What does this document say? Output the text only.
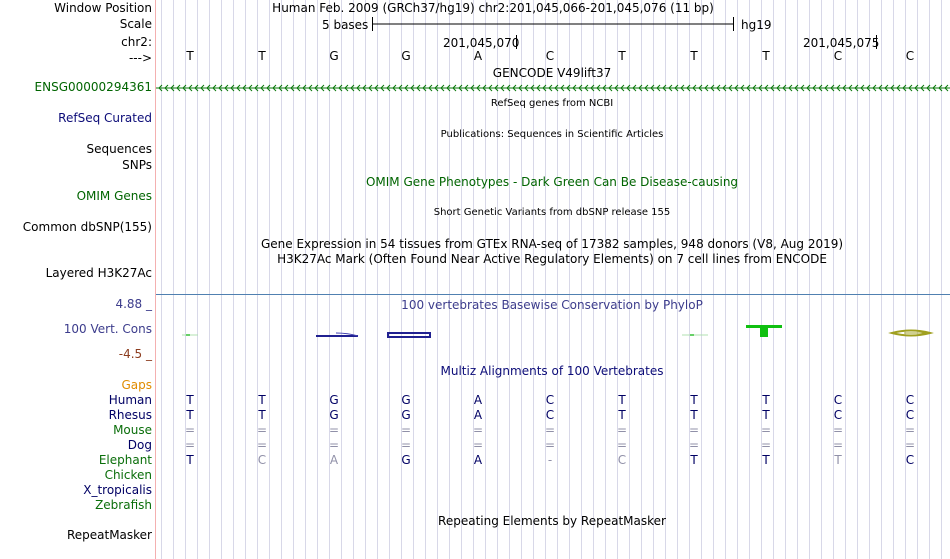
Window Position
Scale
chr2:
--->
ENSG00000294361
RefSeq Curated
Sequences
SNPs
OMIM Genes
Common dbSNP(155)
Layered H3K27Ac
4.88 _
100 Vert. Cons
-4.5 _
Gaps
Human
Rhesus
Mouse
Dog
Elephant
Chicken
X_tropicalis
Zebrafish
RepeatMasker
Human Feb. 2009 (GRCh37/hg19) chr2:201,045,066-201,045,076 (11 bp)
5 bases	hg19
201,045,070	201,045,075
T	T	G	G	A	C	T	T	T	C	C
GENCODE V49lift37
RefSeq genes from NCBI
Publications: Sequences in Scientific Articles
OMIM Gene Phenotypes - Dark Green Can Be Disease-causing
Short Genetic Variants from dbSNP release 155
Gene Expression in 54 tissues from GTEx RNA-seq of 17382 samples, 948 donors (V8, Aug 2019)
H3K27Ac Mark (Often Found Near Active Regulatory Elements) on 7 cell lines from ENCODE
100 vertebrates Basewise Conservation by PhyloP
Multiz Alignments of 100 Vertebrates
T	T	G	G	A	C	T	T	T	C	C
T	T	G	G	A	C	T	T	T	C	C
=	=	=	=	=	=	=	=	=	=	=
=	=	=	=	=	=	=	=	=	=	=
T	C	A	G	A	-	C	T	T	T	C
Repeating Elements by RepeatMasker
